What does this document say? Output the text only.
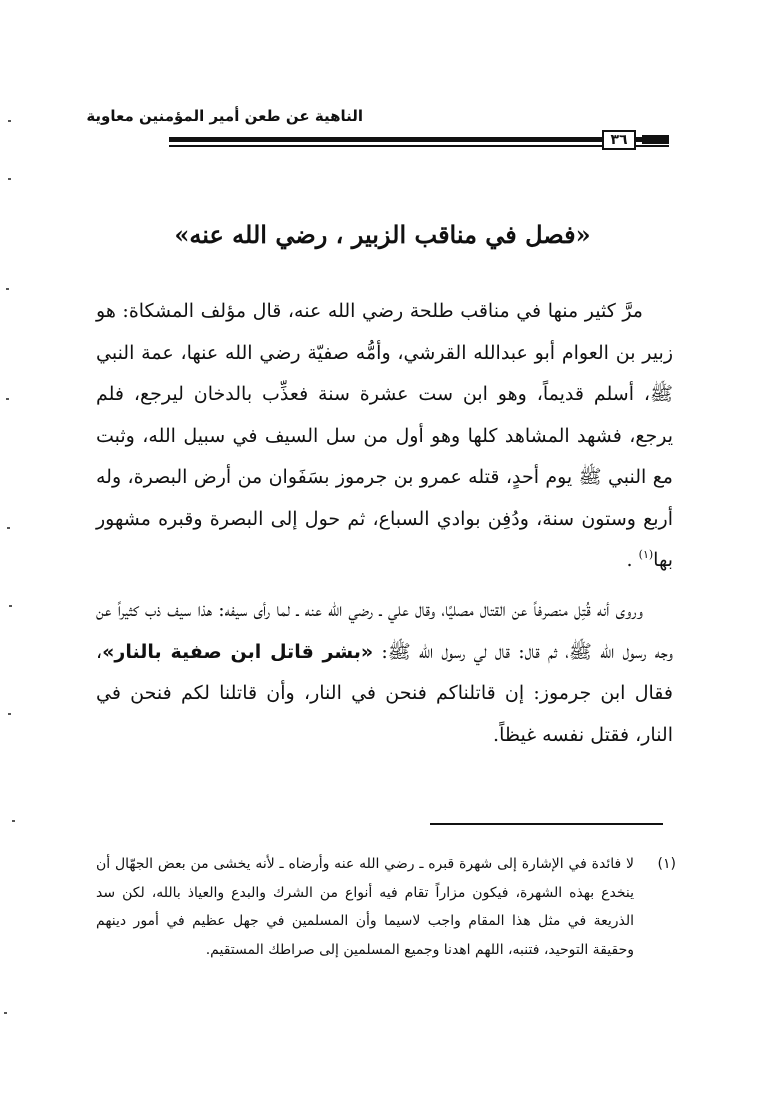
الناهية عن طعن أمير المؤمنين معاوية
٣٦
«فصل في مناقب الزبير ، رضي الله عنه»
مرَّ كثير منها في مناقب طلحة رضي الله عنه، قال مؤلف المشكاة: هو زبير بن العوام أبو عبدالله القرشي، وأمُّه صفيّة رضي الله عنها، عمة النبي ﷺ، أسلم قديماً، وهو ابن ست عشرة سنة فعذِّب بالدخان ليرجع، فلم يرجع، فشهد المشاهد كلها وهو أول من سل السيف في سبيل الله، وثبت مع النبي ﷺ يوم أحدٍ، قتله عمرو بن جرموز بسَفَوان من أرض البصرة، وله أربع وستون سنة، ودُفِن بوادي السباع، ثم حول إلى البصرة وقبره مشهور بها$^{(١)}$ .
وروى أنه قُتِل منصرفاً عن القتال مصليًا، وقال علي ـ رضي الله عنه ـ لما رأى سيفه: هذا سيف ذب كثيراً عن وجه رسول الله ﷺ، ثم قال: قال لي رسول الله ﷺ: «بشر قاتل ابن صفية بالنار»، فقال ابن جرموز: إن قاتلناكم فنحن في النار، وأن قاتلنا لكم فنحن في النار، فقتل نفسه غيظاً.
(١)
لا فائدة في الإشارة إلى شهرة قبره ـ رضي الله عنه وأرضاه ـ لأنه يخشى من بعض الجهّال أن ينخدع بهذه الشهرة، فيكون مزاراً تقام فيه أنواع من الشرك والبدع والعياذ بالله، لكن سد الذريعة في مثل هذا المقام واجب لاسيما وأن المسلمين في جهل عظيم في أمور دينهم وحقيقة التوحيد، فتنبه، اللهم اهدنا وجميع المسلمين إلى صراطك المستقيم.
